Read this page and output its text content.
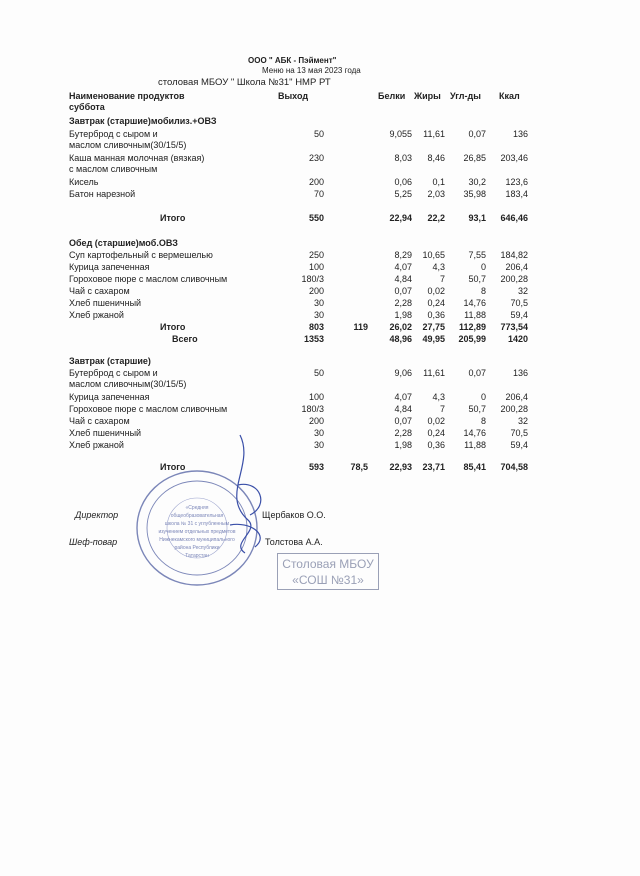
ООО " АБК - Пэймент"
Меню на 13 мая 2023 года
столовая МБОУ " Школа №31" НМР РТ
Наименование продуктов
суббота
Выход	Белки Жиры Угл-ды Ккал
Завтрак (старшие)мобилиз.+ОВЗ
Бутерброд с сыром и	50	9,055	11,61	0,07	136
маслом сливочным(30/15/5)
Каша манная молочная (вязкая)	230	8,03	8,46	26,85	203,46
с маслом сливочным
Кисель	200	0,06	0,1	30,2	123,6
Батон нарезной	70	5,25	2,03	35,98	183,4
Итого	550	22,94	22,2	93,1	646,46
Обед (старшие)моб.ОВЗ
Суп картофельный с вермешелью	250	8,29	10,65	7,55	184,82
Курица запеченная	100	4,07	4,3	0	206,4
Гороховое пюре с маслом сливочным	180/3	4,84	7	50,7	200,28
Чай с сахаром	200	0,07	0,02	8	32
Хлеб пшеничный	30	2,28	0,24	14,76	70,5
Хлеб ржаной	30	1,98	0,36	11,88	59,4
Итого	803	119	26,02	27,75	112,89	773,54
Всего	1353	48,96	49,95	205,99	1420
Завтрак (старшие)
Бутерброд с сыром и	50	9,06	11,61	0,07	136
маслом сливочным(30/15/5)
Курица запеченная	100	4,07	4,3	0	206,4
Гороховое пюре с маслом сливочным	180/3	4,84	7	50,7	200,28
Чай с сахаром	200	0,07	0,02	8	32
Хлеб пшеничный	30	2,28	0,24	14,76	70,5
Хлеб ржаной	30	1,98	0,36	11,88	59,4
Итого	593	78,5	22,93	23,71	85,41	704,58
Директор	Щербаков О.О.
Шеф-повар	Толстова А.А.
«Средняя
общеобразовательная
школа № 31 с углубленным
изучением отдельных предметов
Нижнекамского муниципального
района Республики
Татарстан
Столовая МБОУ
«СОШ №31»
